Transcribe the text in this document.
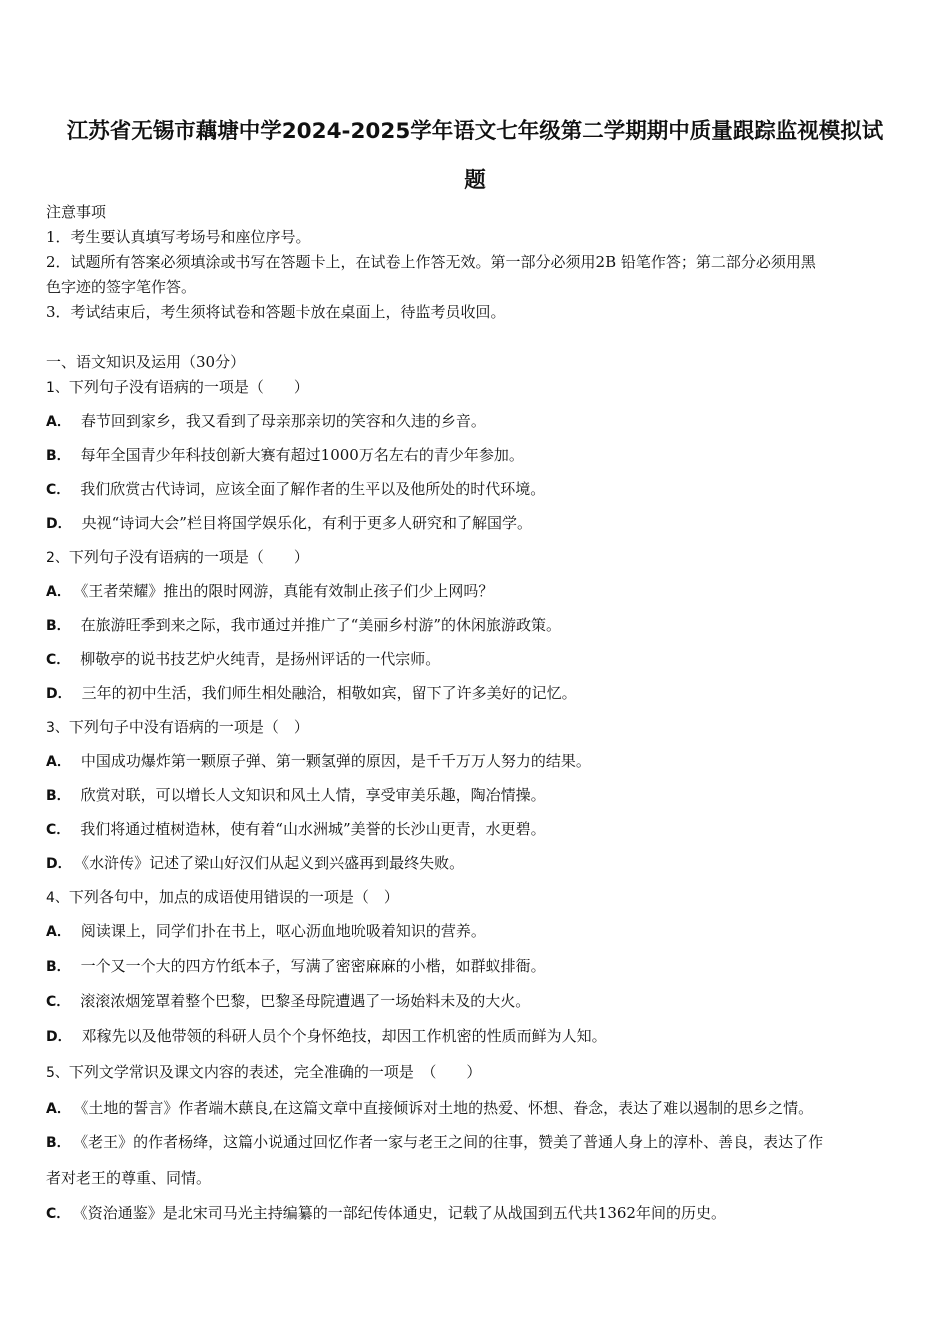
江苏省无锡市藕塘中学2024-2025学年语文七年级第二学期期中质量跟踪监视模拟试
题
注意事项
1．考生要认真填写考场号和座位序号。
2．试题所有答案必须填涂或书写在答题卡上，在试卷上作答无效。第一部分必须用2B 铅笔作答；第二部分必须用黑
色字迹的签字笔作答。
3．考试结束后，考生须将试卷和答题卡放在桌面上，待监考员收回。
一、语文知识及运用（30分）
1、下列句子没有语病的一项是（　　）
A． 春节回到家乡，我又看到了母亲那亲切的笑容和久违的乡音。
B． 每年全国青少年科技创新大赛有超过1000万名左右的青少年参加。
C． 我们欣赏古代诗词，应该全面了解作者的生平以及他所处的时代环境。
D． 央视“诗词大会”栏目将国学娱乐化，有利于更多人研究和了解国学。
2、下列句子没有语病的一项是（　　）
A． 《王者荣耀》推出的限时网游，真能有效制止孩子们少上网吗？
B． 在旅游旺季到来之际，我市通过并推广了“美丽乡村游”的休闲旅游政策。
C． 柳敬亭的说书技艺炉火纯青，是扬州评话的一代宗师。
D． 三年的初中生活，我们师生相处融洽，相敬如宾，留下了许多美好的记忆。
3、下列句子中没有语病的一项是（　）
A． 中国成功爆炸第一颗原子弹、第一颗氢弹的原因，是千千万万人努力的结果。
B． 欣赏对联，可以增长人文知识和风土人情，享受审美乐趣，陶冶情操。
C． 我们将通过植树造林，使有着“山水洲城”美誉的长沙山更青，水更碧。
D． 《水浒传》记述了梁山好汉们从起义到兴盛再到最终失败。
4、下列各句中，加点的成语使用错误的一项是（　）
A． 阅读课上，同学们扑在书上，呕心沥血地吮吸着知识的营养。
B． 一个又一个大的四方竹纸本子，写满了密密麻麻的小楷，如群蚁排衙。
C． 滚滚浓烟笼罩着整个巴黎，巴黎圣母院遭遇了一场始料未及的大火。
D． 邓稼先以及他带领的科研人员个个身怀绝技，却因工作机密的性质而鲜为人知。
5、下列文学常识及课文内容的表述，完全准确的一项是　（　　）
A． 《土地的誓言》作者端木蕻良,在这篇文章中直接倾诉对土地的热爱、怀想、眷念，表达了难以遏制的思乡之情。
B． 《老王》的作者杨绛，这篇小说通过回忆作者一家与老王之间的往事，赞美了普通人身上的淳朴、善良，表达了作
者对老王的尊重、同情。
C． 《资治通鉴》是北宋司马光主持编纂的一部纪传体通史，记载了从战国到五代共1362年间的历史。
